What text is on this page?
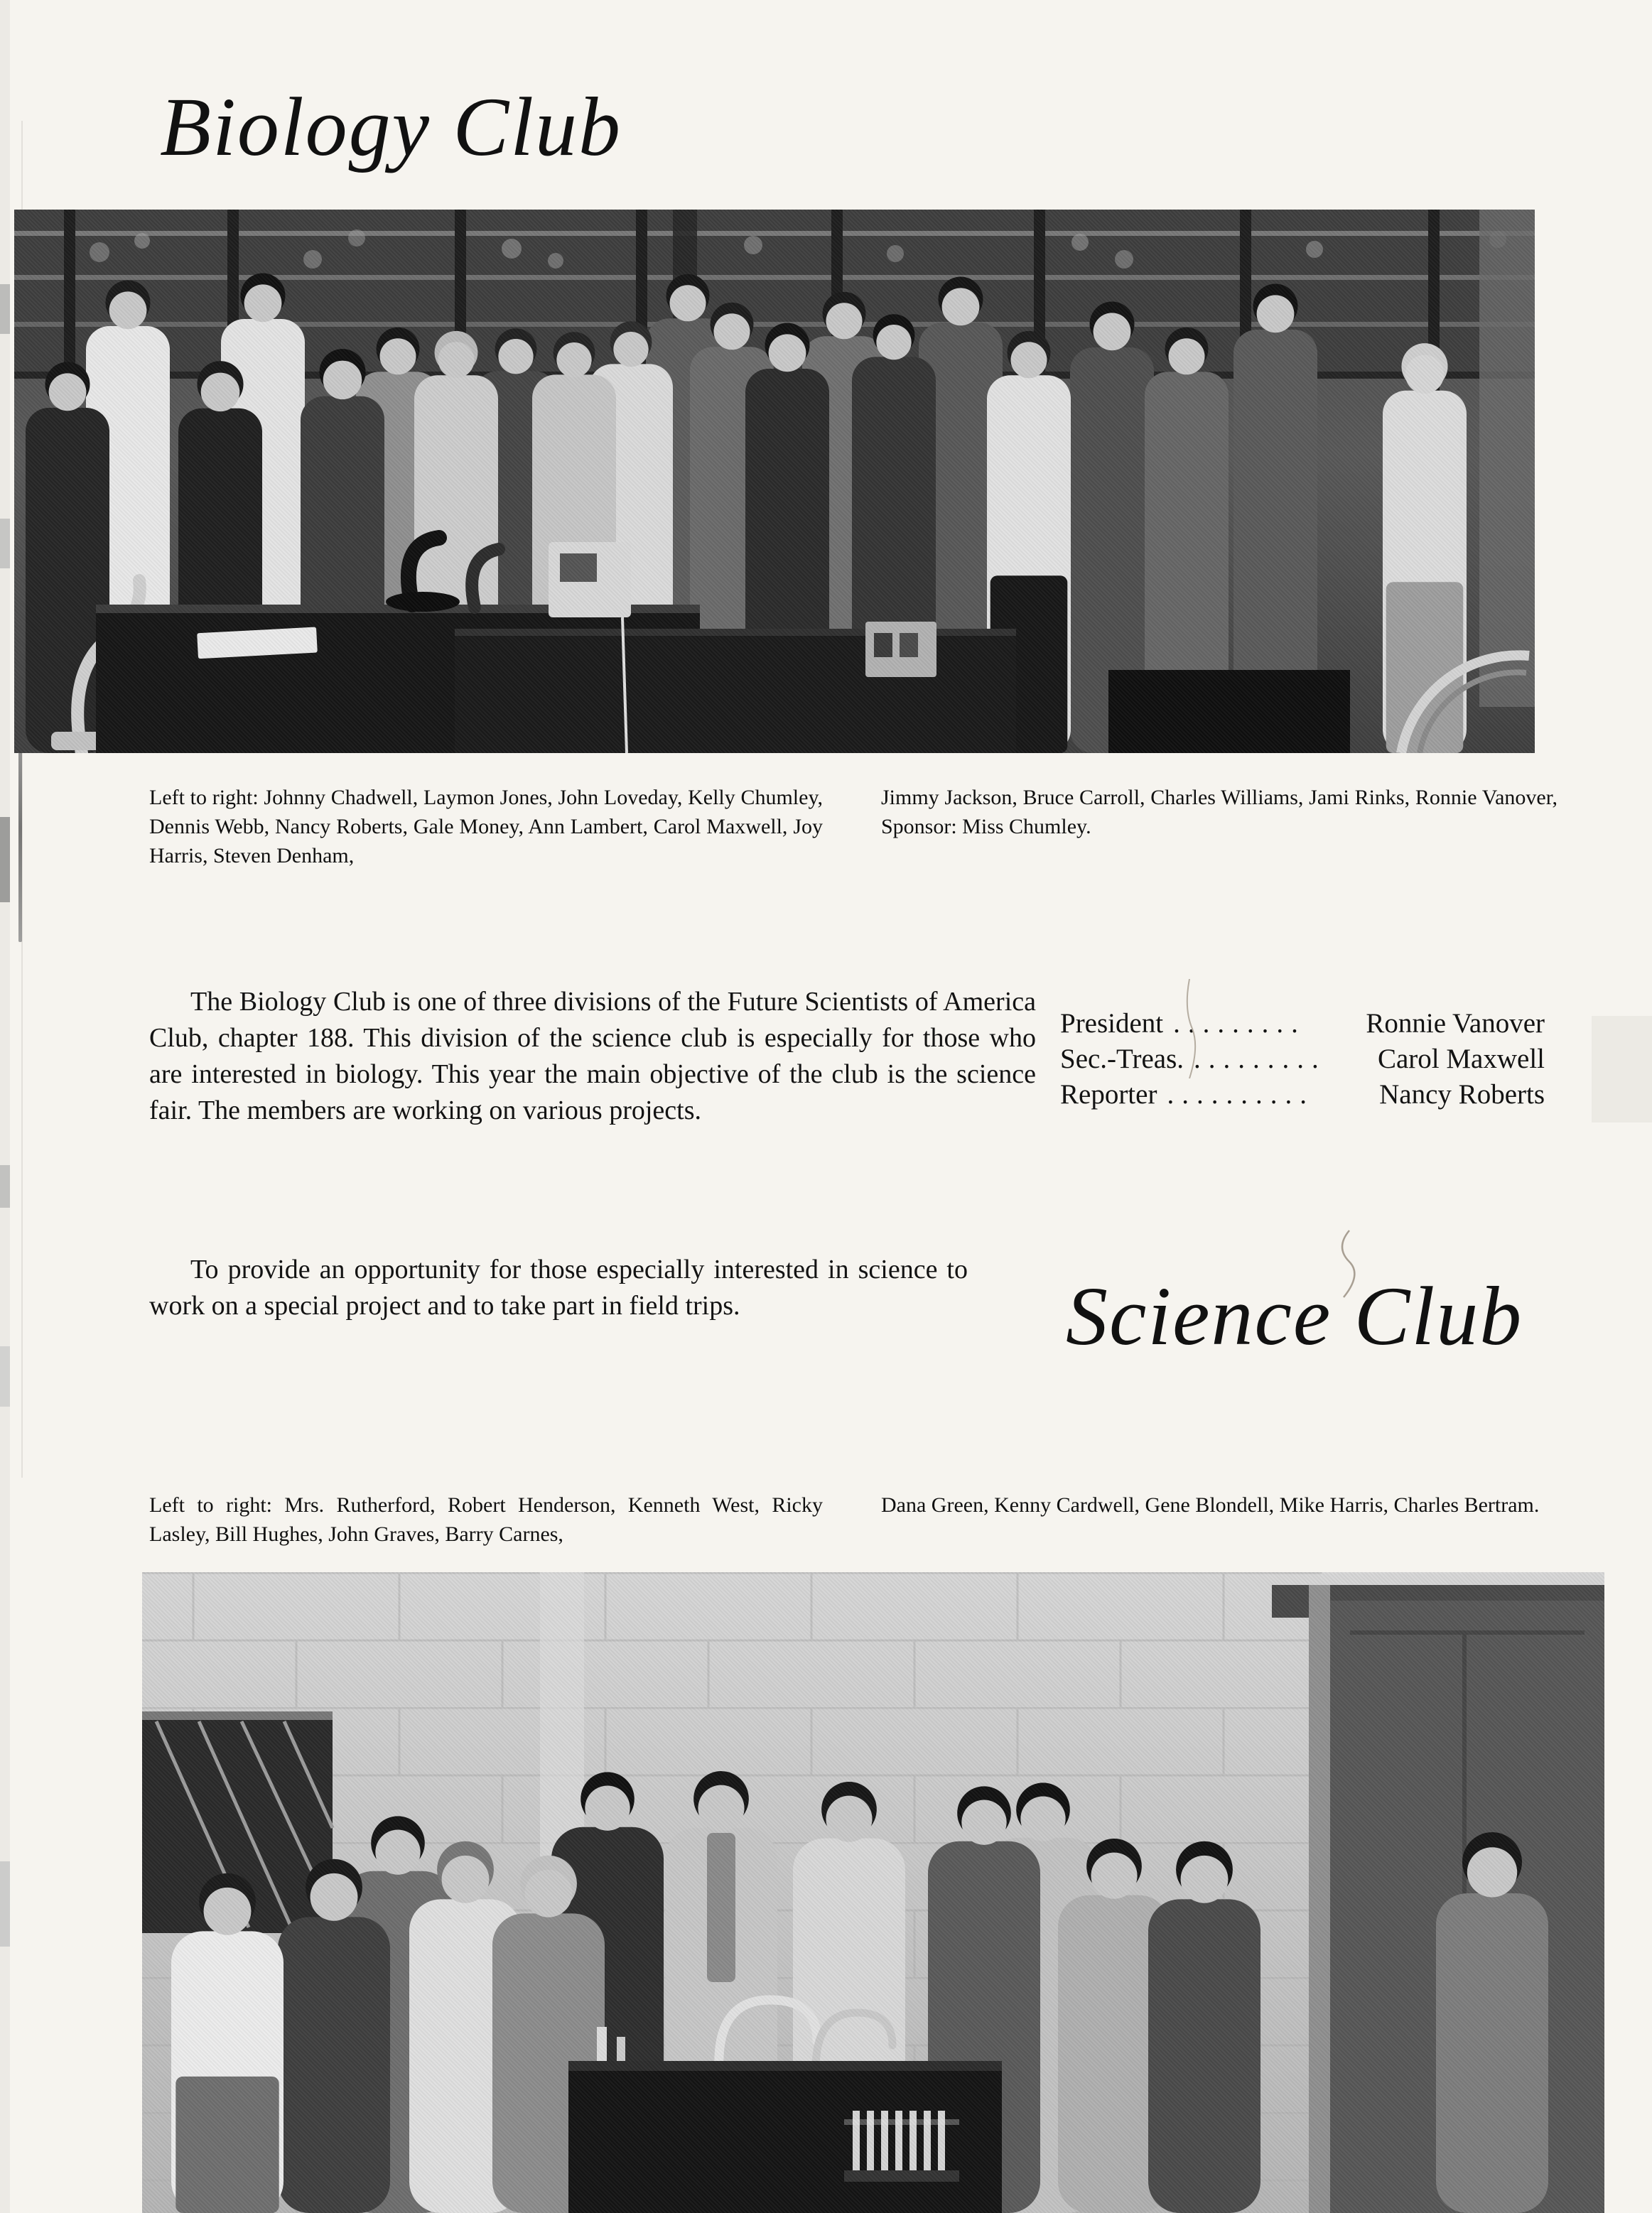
Biology Club
Science Club

Left to right: Johnny Chadwell, Laymon Jones, John Loveday, Kelly Chumley, Dennis Webb, Nancy Roberts, Gale Money, Ann Lambert, Carol Maxwell, Joy Harris, Steven Denham,

Jimmy Jackson, Bruce Carroll, Charles Williams, Jami Rinks, Ronnie Vanover, Sponsor: Miss Chumley.

The Biology Club is one of three divisions of the Future Scientists of America Club, chapter 188. This division of the science club is especially for those who are interested in biology. This year the main objective of the club is the science fair. The members are working on various projects.

President .........	Ronnie Vanover
Sec.-Treas. .........	Carol Maxwell
Reporter ..........	Nancy Roberts

To provide an opportunity for those especially interested in science to work on a special project and to take part in field trips.

Left to right: Mrs. Rutherford, Robert Henderson, Kenneth West, Ricky Lasley, Bill Hughes, John Graves, Barry Carnes,

Dana Green, Kenny Cardwell, Gene Blondell, Mike Harris, Charles Bertram.
